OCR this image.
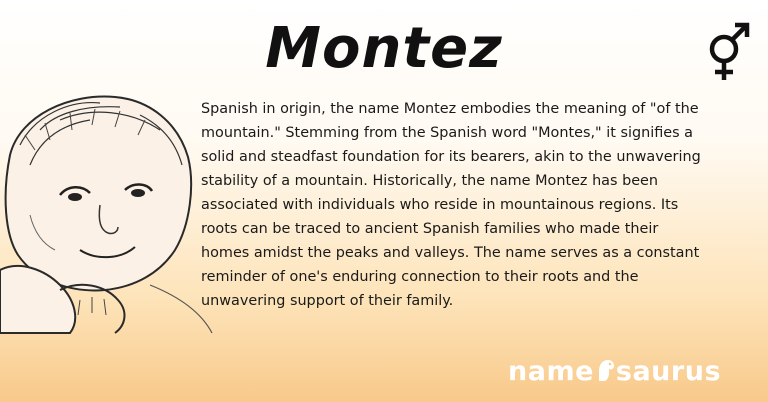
Montez

Spanish in origin, the name Montez embodies the meaning of "of the mountain." Stemming from the Spanish word "Montes," it signifies a solid and steadfast foundation for its bearers, akin to the unwavering stability of a mountain. Historically, the name Montez has been associated with individuals who reside in mountainous regions. Its roots can be traced to ancient Spanish families who made their homes amidst the peaks and valleys. The name serves as a constant reminder of one's enduring connection to their roots and the unwavering support of their family.

name saurus
